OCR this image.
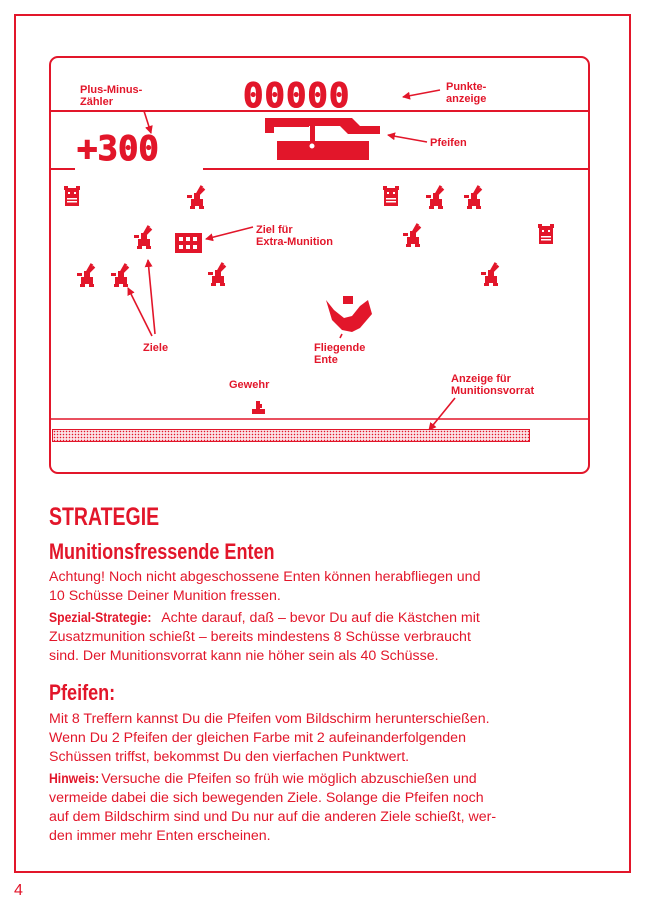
00000
+300
Plus-Minus-
Zähler
Punkte-
anzeige
Pfeifen
Ziel für
Extra-Munition
Ziele	Fliegende
Ente
Gewehr	Anzeige für
Munitionsvorrat
STRATEGIE
Munitionsfressende Enten
Achtung! Noch nicht abgeschossene Enten können herabfliegen und
10 Schüsse Deiner Munition fressen.
Spezial-Strategie: Achte darauf, daß – bevor Du auf die Kästchen mit
Zusatzmunition schießt – bereits mindestens 8 Schüsse verbraucht
sind. Der Munitionsvorrat kann nie höher sein als 40 Schüsse.
Pfeifen:
Mit 8 Treffern kannst Du die Pfeifen vom Bildschirm herunterschießen.
Wenn Du 2 Pfeifen der gleichen Farbe mit 2 aufeinanderfolgenden
Schüssen triffst, bekommst Du den vierfachen Punktwert.
Hinweis: Versuche die Pfeifen so früh wie möglich abzuschießen und
vermeide dabei die sich bewegenden Ziele. Solange die Pfeifen noch
auf dem Bildschirm sind und Du nur auf die anderen Ziele schießt, wer-
den immer mehr Enten erscheinen.
4
